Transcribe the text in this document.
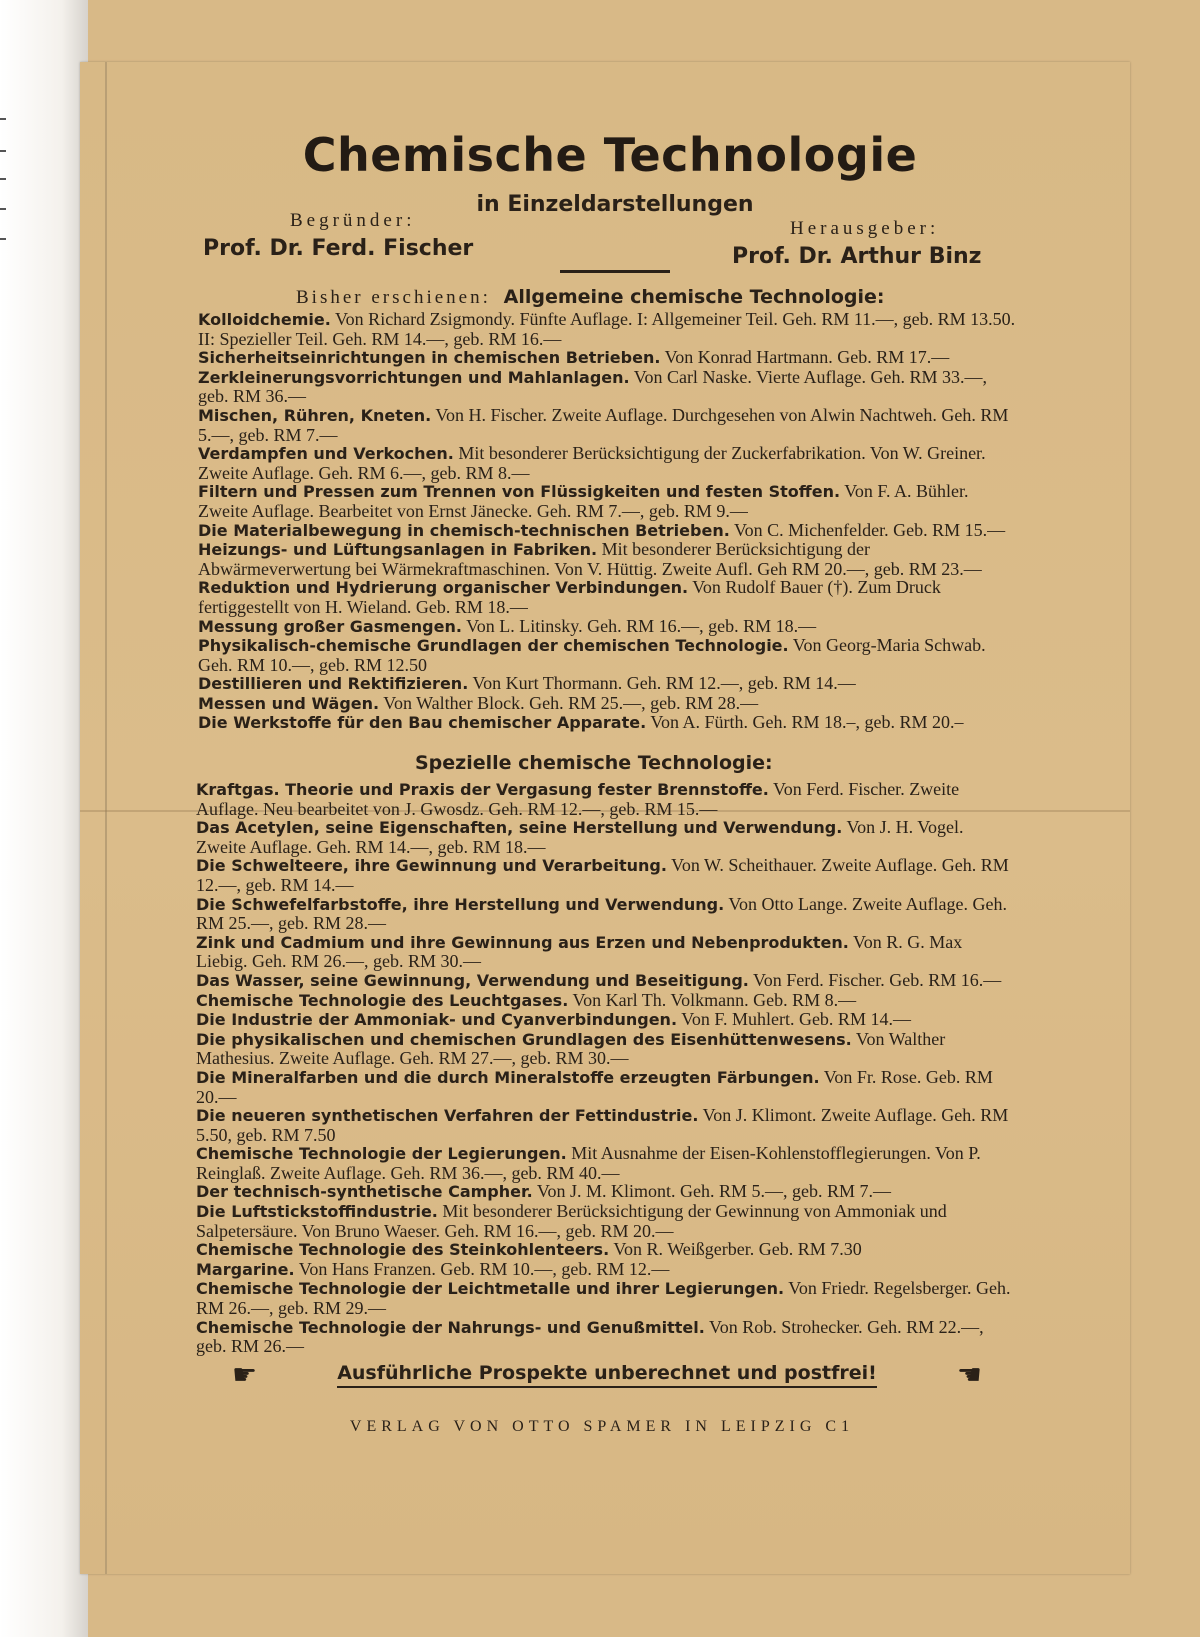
Chemische Technologie
in Einzeldarstellungen
Begründer:
Prof. Dr. Ferd. Fischer
Herausgeber:
Prof. Dr. Arthur Binz
Bisher erschienen: Allgemeine chemische Technologie:
Kolloidchemie. Von Richard Zsigmondy. Fünfte Auflage. I: Allgemeiner Teil. Geh. RM 11.—, geb. RM 13.50. II: Spezieller Teil. Geh. RM 14.—, geb. RM 16.—
Sicherheitseinrichtungen in chemischen Betrieben. Von Konrad Hartmann. Geb. RM 17.—
Zerkleinerungsvorrichtungen und Mahlanlagen. Von Carl Naske. Vierte Auflage. Geh. RM 33.—, geb. RM 36.—
Mischen, Rühren, Kneten. Von H. Fischer. Zweite Auflage. Durchgesehen von Alwin Nachtweh. Geh. RM 5.—, geb. RM 7.—
Verdampfen und Verkochen. Mit besonderer Berücksichtigung der Zuckerfabrikation. Von W. Greiner. Zweite Auflage. Geh. RM 6.—, geb. RM 8.—
Filtern und Pressen zum Trennen von Flüssigkeiten und festen Stoffen. Von F. A. Bühler. Zweite Auflage. Bearbeitet von Ernst Jänecke. Geh. RM 7.—, geb. RM 9.—
Die Materialbewegung in chemisch-technischen Betrieben. Von C. Michenfelder. Geb. RM 15.—
Heizungs- und Lüftungsanlagen in Fabriken. Mit besonderer Berücksichtigung der Abwärmeverwertung bei Wärmekraftmaschinen. Von V. Hüttig. Zweite Aufl. Geh RM 20.—, geb. RM 23.—
Reduktion und Hydrierung organischer Verbindungen. Von Rudolf Bauer (†). Zum Druck fertiggestellt von H. Wieland. Geb. RM 18.—
Messung großer Gasmengen. Von L. Litinsky. Geh. RM 16.—, geb. RM 18.—
Physikalisch-chemische Grundlagen der chemischen Technologie. Von Georg-Maria Schwab. Geh. RM 10.—, geb. RM 12.50
Destillieren und Rektifizieren. Von Kurt Thormann. Geh. RM 12.—, geb. RM 14.—
Messen und Wägen. Von Walther Block. Geh. RM 25.—, geb. RM 28.—
Die Werkstoffe für den Bau chemischer Apparate. Von A. Fürth. Geh. RM 18.–, geb. RM 20.–
Spezielle chemische Technologie:
Kraftgas. Theorie und Praxis der Vergasung fester Brennstoffe. Von Ferd. Fischer. Zweite Auflage. Neu bearbeitet von J. Gwosdz. Geh. RM 12.—, geb. RM 15.—
Das Acetylen, seine Eigenschaften, seine Herstellung und Verwendung. Von J. H. Vogel. Zweite Auflage. Geh. RM 14.—, geb. RM 18.—
Die Schwelteere, ihre Gewinnung und Verarbeitung. Von W. Scheithauer. Zweite Auflage. Geh. RM 12.—, geb. RM 14.—
Die Schwefelfarbstoffe, ihre Herstellung und Verwendung. Von Otto Lange. Zweite Auflage. Geh. RM 25.—, geb. RM 28.—
Zink und Cadmium und ihre Gewinnung aus Erzen und Nebenprodukten. Von R. G. Max Liebig. Geh. RM 26.—, geb. RM 30.—
Das Wasser, seine Gewinnung, Verwendung und Beseitigung. Von Ferd. Fischer. Geb. RM 16.—
Chemische Technologie des Leuchtgases. Von Karl Th. Volkmann. Geb. RM 8.—
Die Industrie der Ammoniak- und Cyanverbindungen. Von F. Muhlert. Geb. RM 14.—
Die physikalischen und chemischen Grundlagen des Eisenhüttenwesens. Von Walther Mathesius. Zweite Auflage. Geh. RM 27.—, geb. RM 30.—
Die Mineralfarben und die durch Mineralstoffe erzeugten Färbungen. Von Fr. Rose. Geb. RM 20.—
Die neueren synthetischen Verfahren der Fettindustrie. Von J. Klimont. Zweite Auflage. Geh. RM 5.50, geb. RM 7.50
Chemische Technologie der Legierungen. Mit Ausnahme der Eisen-Kohlenstofflegierungen. Von P. Reinglaß. Zweite Auflage. Geh. RM 36.—, geb. RM 40.—
Der technisch-synthetische Campher. Von J. M. Klimont. Geh. RM 5.—, geb. RM 7.—
Die Luftstickstoffindustrie. Mit besonderer Berücksichtigung der Gewinnung von Ammoniak und Salpetersäure. Von Bruno Waeser. Geh. RM 16.—, geb. RM 20.—
Chemische Technologie des Steinkohlenteers. Von R. Weißgerber. Geb. RM 7.30
Margarine. Von Hans Franzen. Geb. RM 10.—, geb. RM 12.—
Chemische Technologie der Leichtmetalle und ihrer Legierungen. Von Friedr. Regelsberger. Geh. RM 26.—, geb. RM 29.—
Chemische Technologie der Nahrungs- und Genußmittel. Von Rob. Strohecker. Geh. RM 22.—, geb. RM 26.—
☛	Ausführliche Prospekte unberechnet und postfrei!	☚
VERLAG VON OTTO SPAMER IN LEIPZIG C1
